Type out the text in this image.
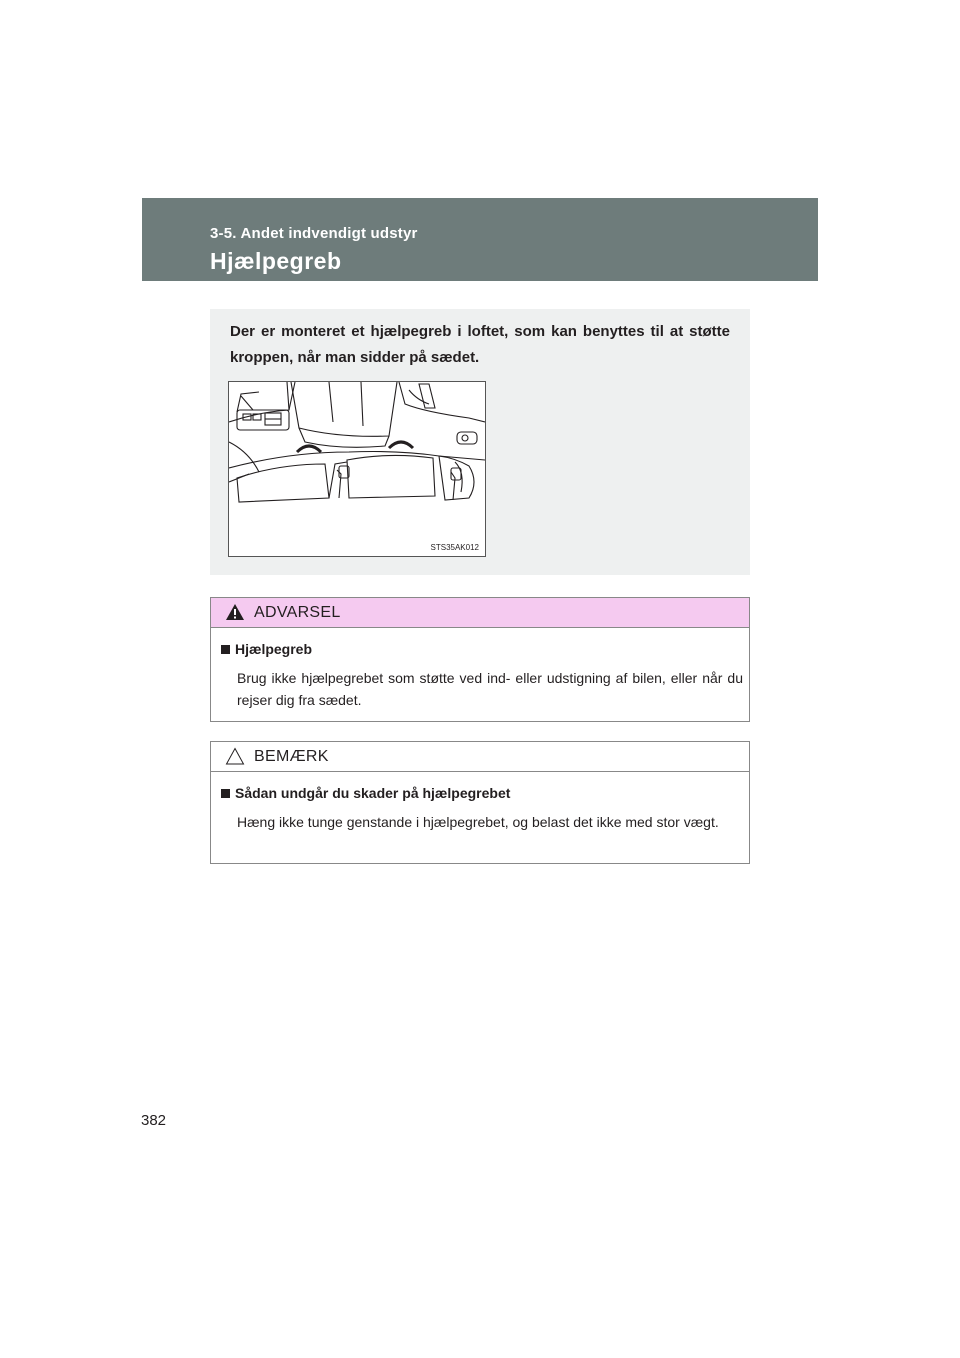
3-5. Andet indvendigt udstyr
Hjælpegreb
Der er monteret et hjælpegreb i loftet, som kan benyttes til at støtte kroppen, når man sidder på sædet.
STS35AK012
ADVARSEL
Hjælpegreb
Brug ikke hjælpegrebet som støtte ved ind- eller udstigning af bilen, eller når du rejser dig fra sædet.
BEMÆRK
Sådan undgår du skader på hjælpegrebet
Hæng ikke tunge genstande i hjælpegrebet, og belast det ikke med stor vægt.
382
